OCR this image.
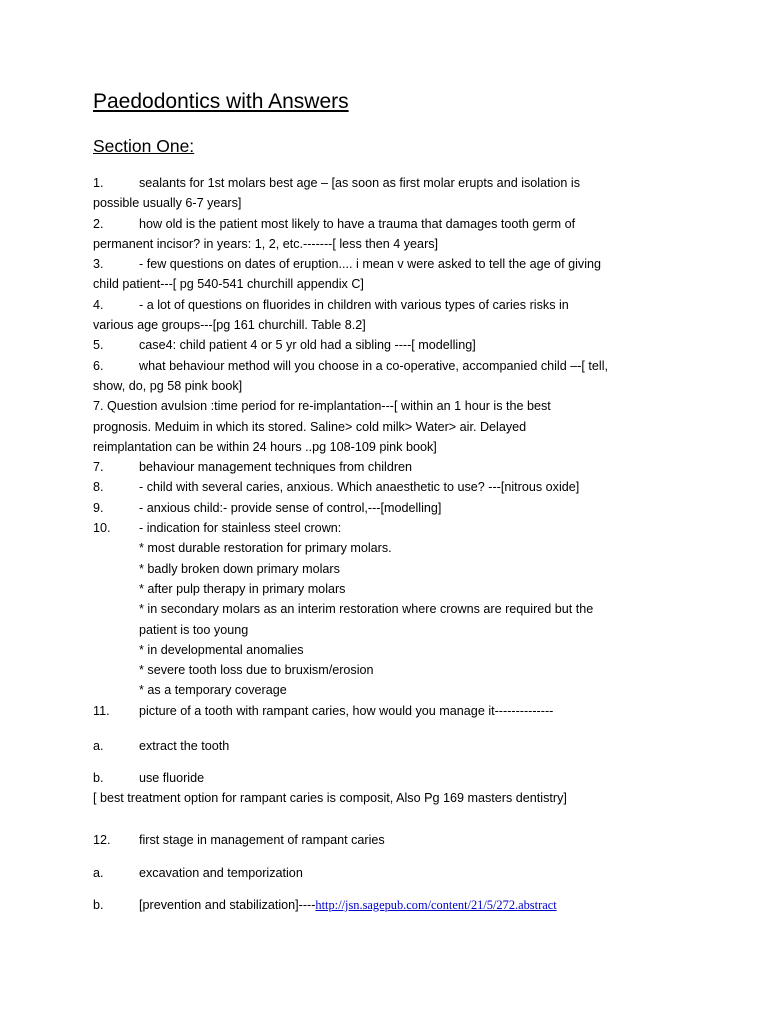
Paedodontics with Answers
Section One:
1.	sealants for 1st molars best age – [as soon as first molar erupts and isolation is
possible usually 6-7 years]
2.	how old is the patient most likely to have a trauma that damages tooth germ of
permanent incisor? in years: 1, 2, etc.-------[ less then 4 years]
3.	- few questions on dates of eruption.... i mean v were asked to tell the age of giving
child patient---[ pg 540-541 churchill appendix C]
4.	- a lot of questions on fluorides in children with various types of caries risks in
various age groups---[pg 161 churchill. Table 8.2]
5.	case4: child patient 4 or 5 yr old had a sibling ----[ modelling]
6.	what behaviour method will you choose in a co-operative, accompanied child –-[ tell,
show, do, pg 58 pink book]
7. Question avulsion :time period for re-implantation---[ within an 1 hour is the best
prognosis. Meduim in which its stored. Saline> cold milk> Water> air. Delayed
reimplantation can be within 24 hours ..pg 108-109 pink book]
7.	behaviour management techniques from children
8.	- child with several caries, anxious. Which anaesthetic to use? ---[nitrous oxide]
9.	- anxious child:- provide sense of control,---[modelling]
10. - indication for stainless steel crown:
* most durable restoration for primary molars.
* badly broken down primary molars
* after pulp therapy in primary molars
* in secondary molars as an interim restoration where crowns are required but the
patient is too young
* in developmental anomalies
* severe tooth loss due to bruxism/erosion
* as a temporary coverage
11. picture of a tooth with rampant caries, how would you manage it--------------
a.	extract the tooth
b.	use fluoride
[ best treatment option for rampant caries is composit, Also Pg 169 masters dentistry]
12. first stage in management of rampant caries
a.	excavation and temporization
b.	[prevention and stabilization]----http://jsn.sagepub.com/content/21/5/272.abstract
